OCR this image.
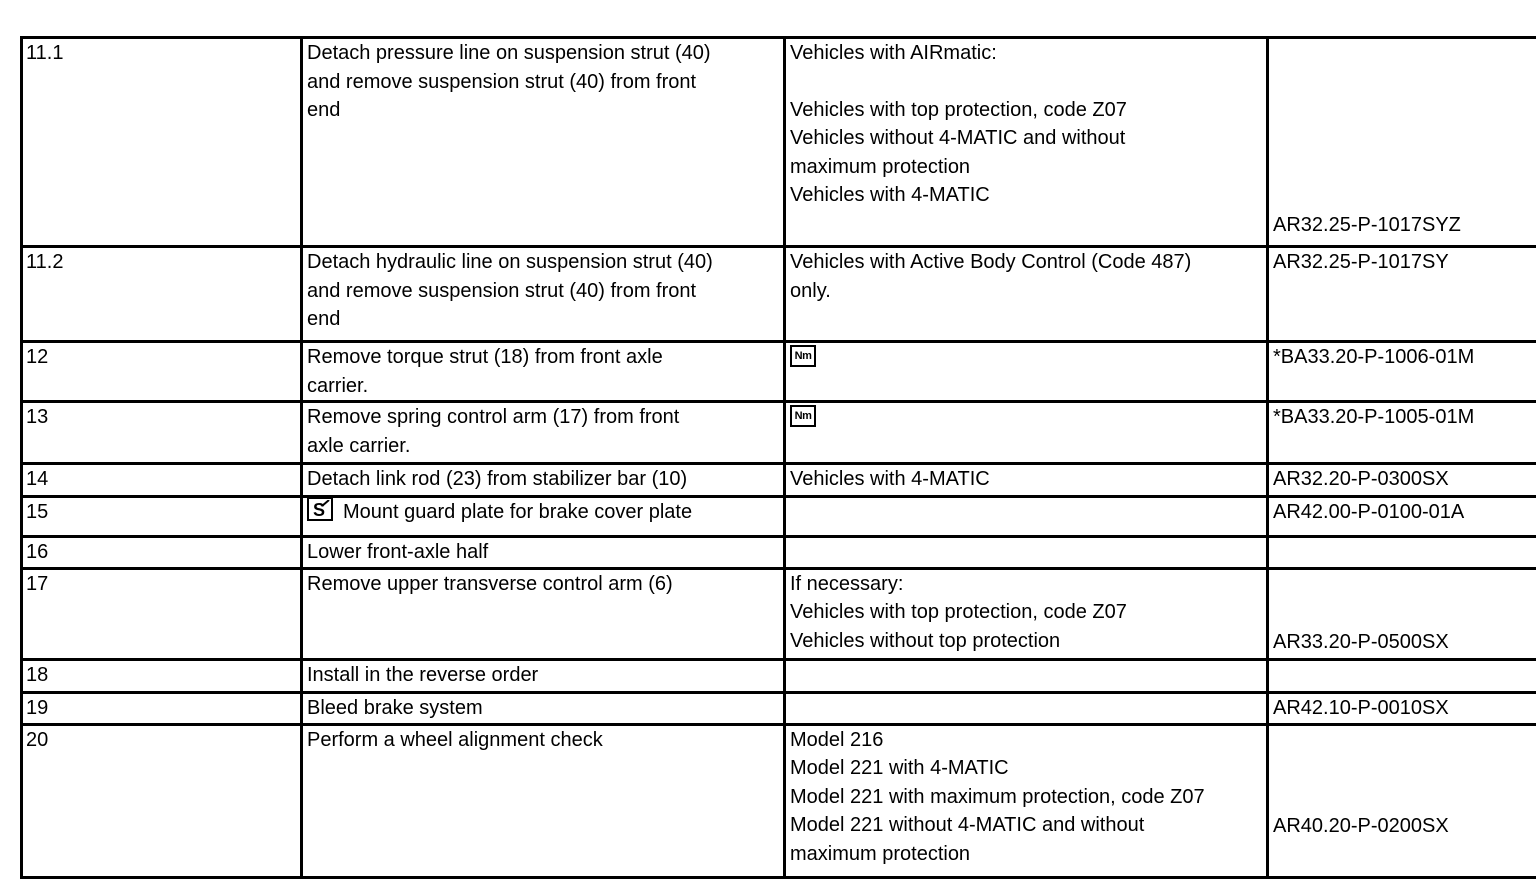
11.1	Detach pressure line on suspension strut (40)
and remove suspension strut (40) from front
end	Vehicles with AIRmatic:
Vehicles with top protection, code Z07
Vehicles without 4-MATIC and without
maximum protection
Vehicles with 4-MATIC	AR32.25-P-1017SYZ

11.2	Detach hydraulic line on suspension strut (40)
and remove suspension strut (40) from front
end	Vehicles with Active Body Control (Code 487)
only.	AR32.25-P-1017SY

12	Remove torque strut (18) from front axle
carrier.	Nm	*BA33.20-P-1006-01M

13	Remove spring control arm (17) from front
axle carrier.	Nm	*BA33.20-P-1005-01M

14	Detach link rod (23) from stabilizer bar (10)	Vehicles with 4-MATIC	AR32.20-P-0300SX

15	S Mount guard plate for brake cover plate		AR42.00-P-0100-01A

16	Lower front-axle half		

17	Remove upper transverse control arm (6)	If necessary:
Vehicles with top protection, code Z07
Vehicles without top protection	AR33.20-P-0500SX

18	Install in the reverse order		

19	Bleed brake system		AR42.10-P-0010SX

20	Perform a wheel alignment check	Model 216
Model 221 with 4-MATIC
Model 221 with maximum protection, code Z07
Model 221 without 4-MATIC and without
maximum protection	AR40.20-P-0200SX
